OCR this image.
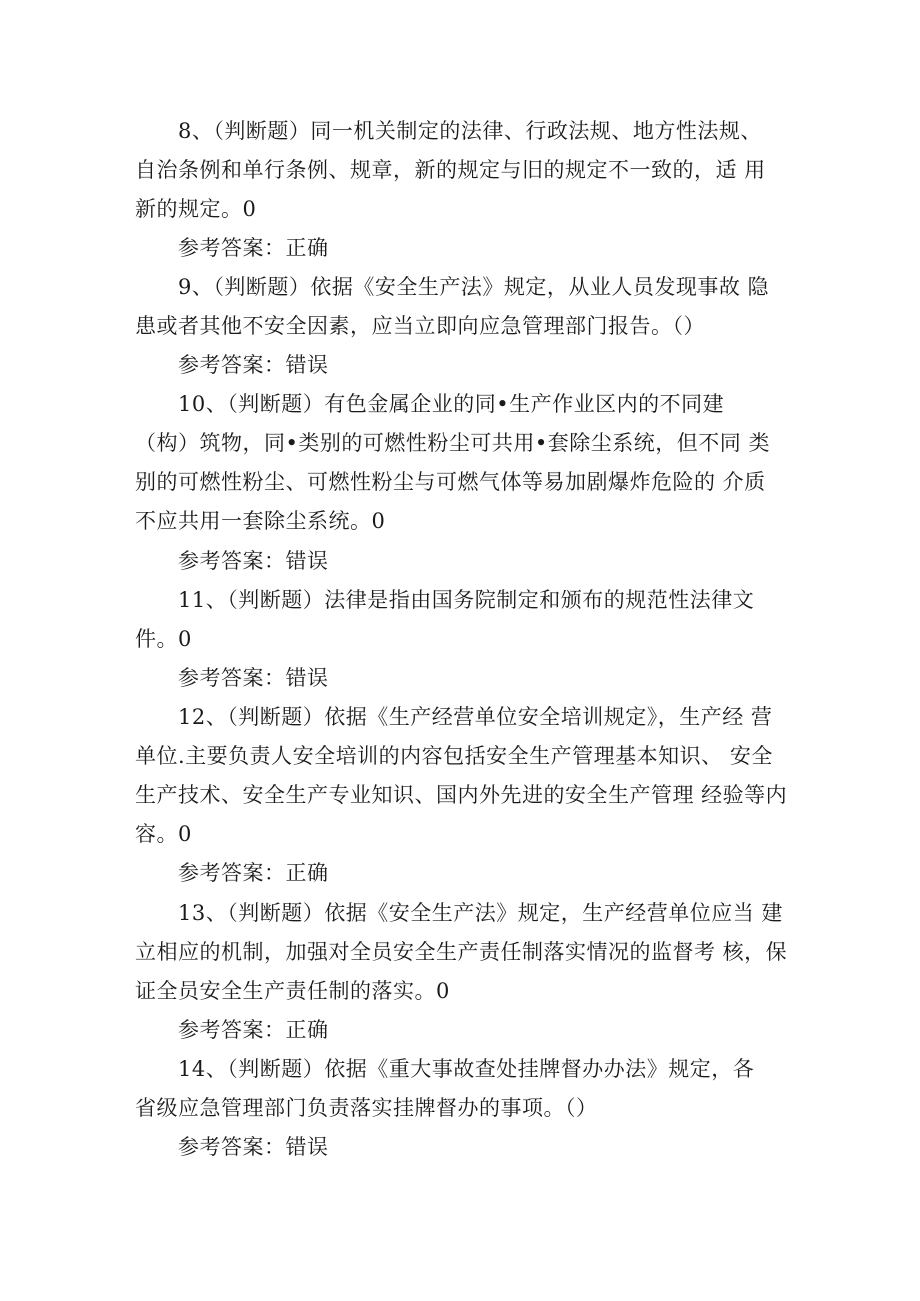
8、（判断题）同一机关制定的法律、行政法规、地方性法规、
自治条例和单行条例、规章，新的规定与旧的规定不一致的，适 用
新的规定。0
参考答案：正确
9、（判断题）依据《安全生产法》规定，从业人员发现事故 隐
患或者其他不安全因素，应当立即向应急管理部门报告。（）
参考答案：错误
10、（判断题）有色金属企业的同•生产作业区内的不同建
（构）筑物，同•类别的可燃性粉尘可共用•套除尘系统，但不同 类
别的可燃性粉尘、可燃性粉尘与可燃气体等易加剧爆炸危险的 介质
不应共用一套除尘系统。0
参考答案：错误
11、（判断题）法律是指由国务院制定和颁布的规范性法律文
件。0
参考答案：错误
12、（判断题）依据《生产经营单位安全培训规定》，生产经 营
单位.主要负责人安全培训的内容包括安全生产管理基本知识、 安全
生产技术、安全生产专业知识、国内外先进的安全生产管理 经验等内
容。0
参考答案：正确
13、（判断题）依据《安全生产法》规定，生产经营单位应当 建
立相应的机制，加强对全员安全生产责任制落实情况的监督考 核，保
证全员安全生产责任制的落实。0
参考答案：正确
14、（判断题）依据《重大事故查处挂牌督办办法》规定，各
省级应急管理部门负责落实挂牌督办的事项。（）
参考答案：错误
